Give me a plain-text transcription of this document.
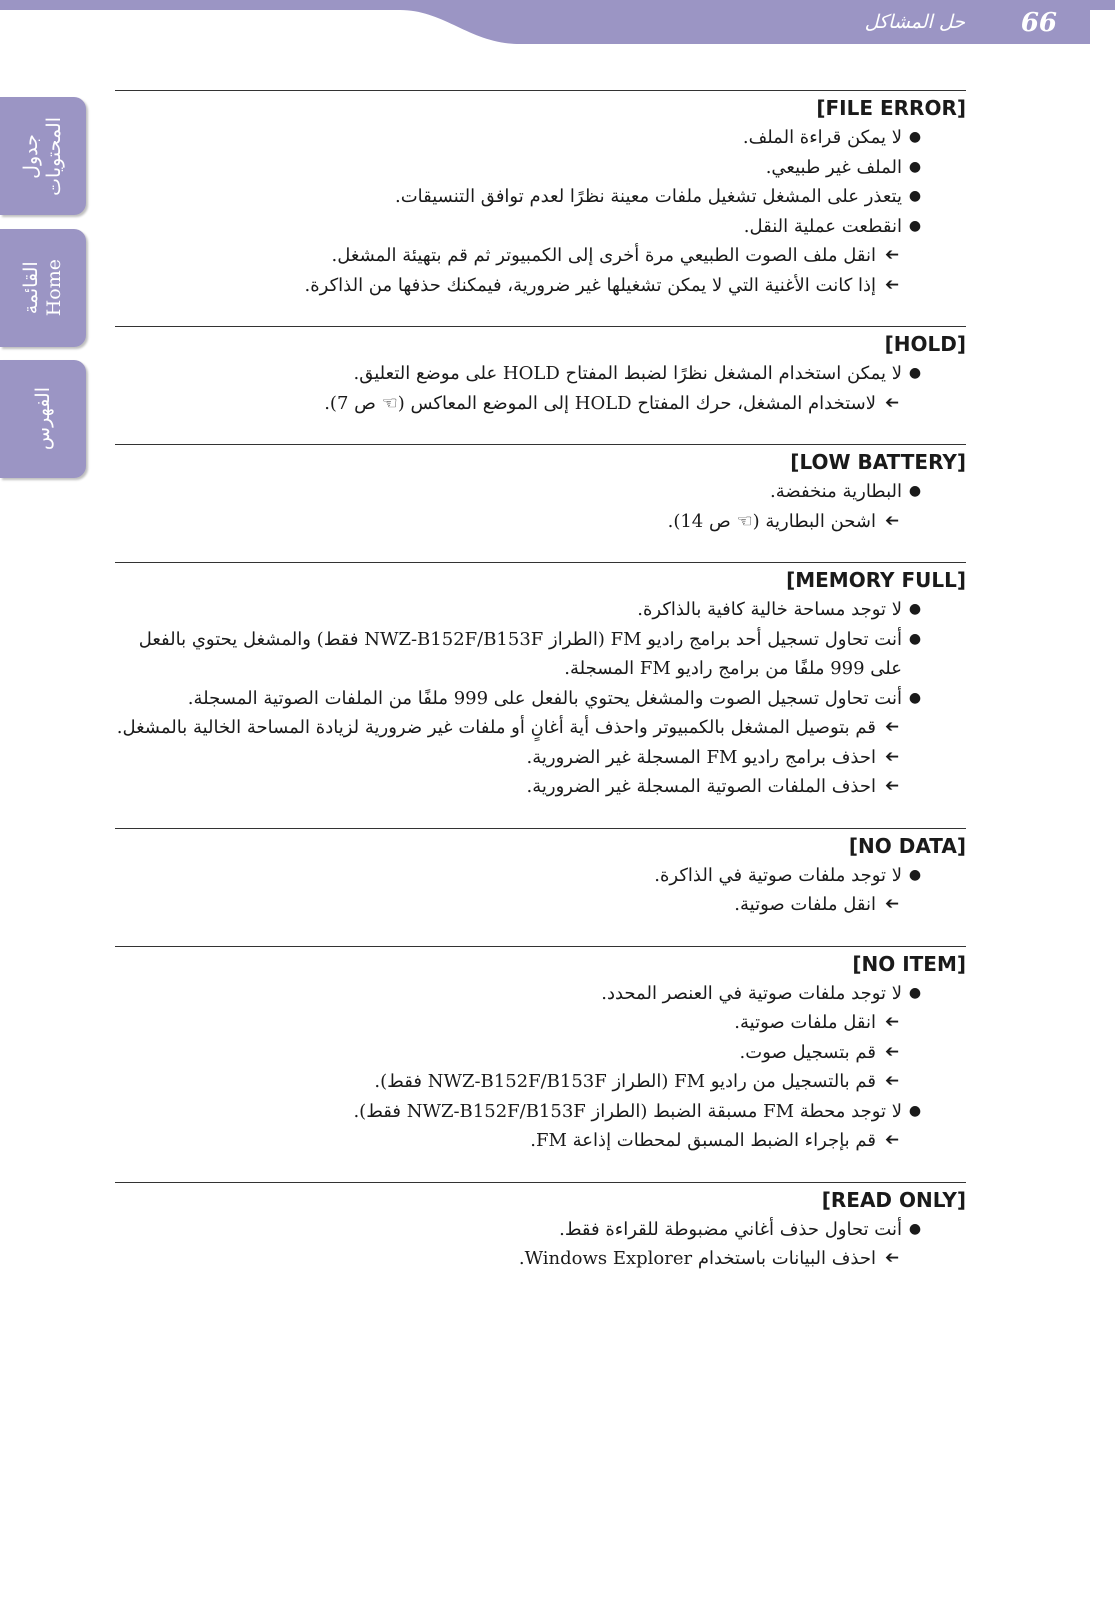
حل المشاكل 66
جدول
المحتويات
القائمة
Home
الفهرس
[FILE ERROR]
●
لا يمكن قراءة الملف.
●
الملف غير طبيعي.
●
يتعذر على المشغل تشغيل ملفات معينة نظرًا لعدم توافق التنسيقات.
●
انقطعت عملية النقل.
➔
انقل ملف الصوت الطبيعي مرة أخرى إلى الكمبيوتر ثم قم بتهيئة المشغل.
➔
إذا كانت الأغنية التي لا يمكن تشغيلها غير ضرورية، فيمكنك حذفها من الذاكرة.
[HOLD]
●
لا يمكن استخدام المشغل نظرًا لضبط المفتاح HOLD على موضع التعليق.
➔
لاستخدام المشغل، حرك المفتاح HOLD إلى الموضع المعاكس (☜ ص 7).
[LOW BATTERY]
●
البطارية منخفضة.
➔
اشحن البطارية (☜ ص 14).
[MEMORY FULL]
●
لا توجد مساحة خالية كافية بالذاكرة.
●
أنت تحاول تسجيل أحد برامج راديو FM (الطراز NWZ-B152F/B153F فقط) والمشغل يحتوي بالفعل
على 999 ملفًا من برامج راديو FM المسجلة.
●
أنت تحاول تسجيل الصوت والمشغل يحتوي بالفعل على 999 ملفًا من الملفات الصوتية المسجلة.
➔
قم بتوصيل المشغل بالكمبيوتر واحذف أية أغانٍ أو ملفات غير ضرورية لزيادة المساحة الخالية بالمشغل.
➔
احذف برامج راديو FM المسجلة غير الضرورية.
➔
احذف الملفات الصوتية المسجلة غير الضرورية.
[NO DATA]
●
لا توجد ملفات صوتية في الذاكرة.
➔
انقل ملفات صوتية.
[NO ITEM]
●
لا توجد ملفات صوتية في العنصر المحدد.
➔
انقل ملفات صوتية.
➔
قم بتسجيل صوت.
➔
قم بالتسجيل من راديو FM (الطراز NWZ-B152F/B153F فقط).
●
لا توجد محطة FM مسبقة الضبط (الطراز NWZ-B152F/B153F فقط).
➔
قم بإجراء الضبط المسبق لمحطات إذاعة FM.
[READ ONLY]
●
أنت تحاول حذف أغاني مضبوطة للقراءة فقط.
➔
احذف البيانات باستخدام Windows Explorer.
